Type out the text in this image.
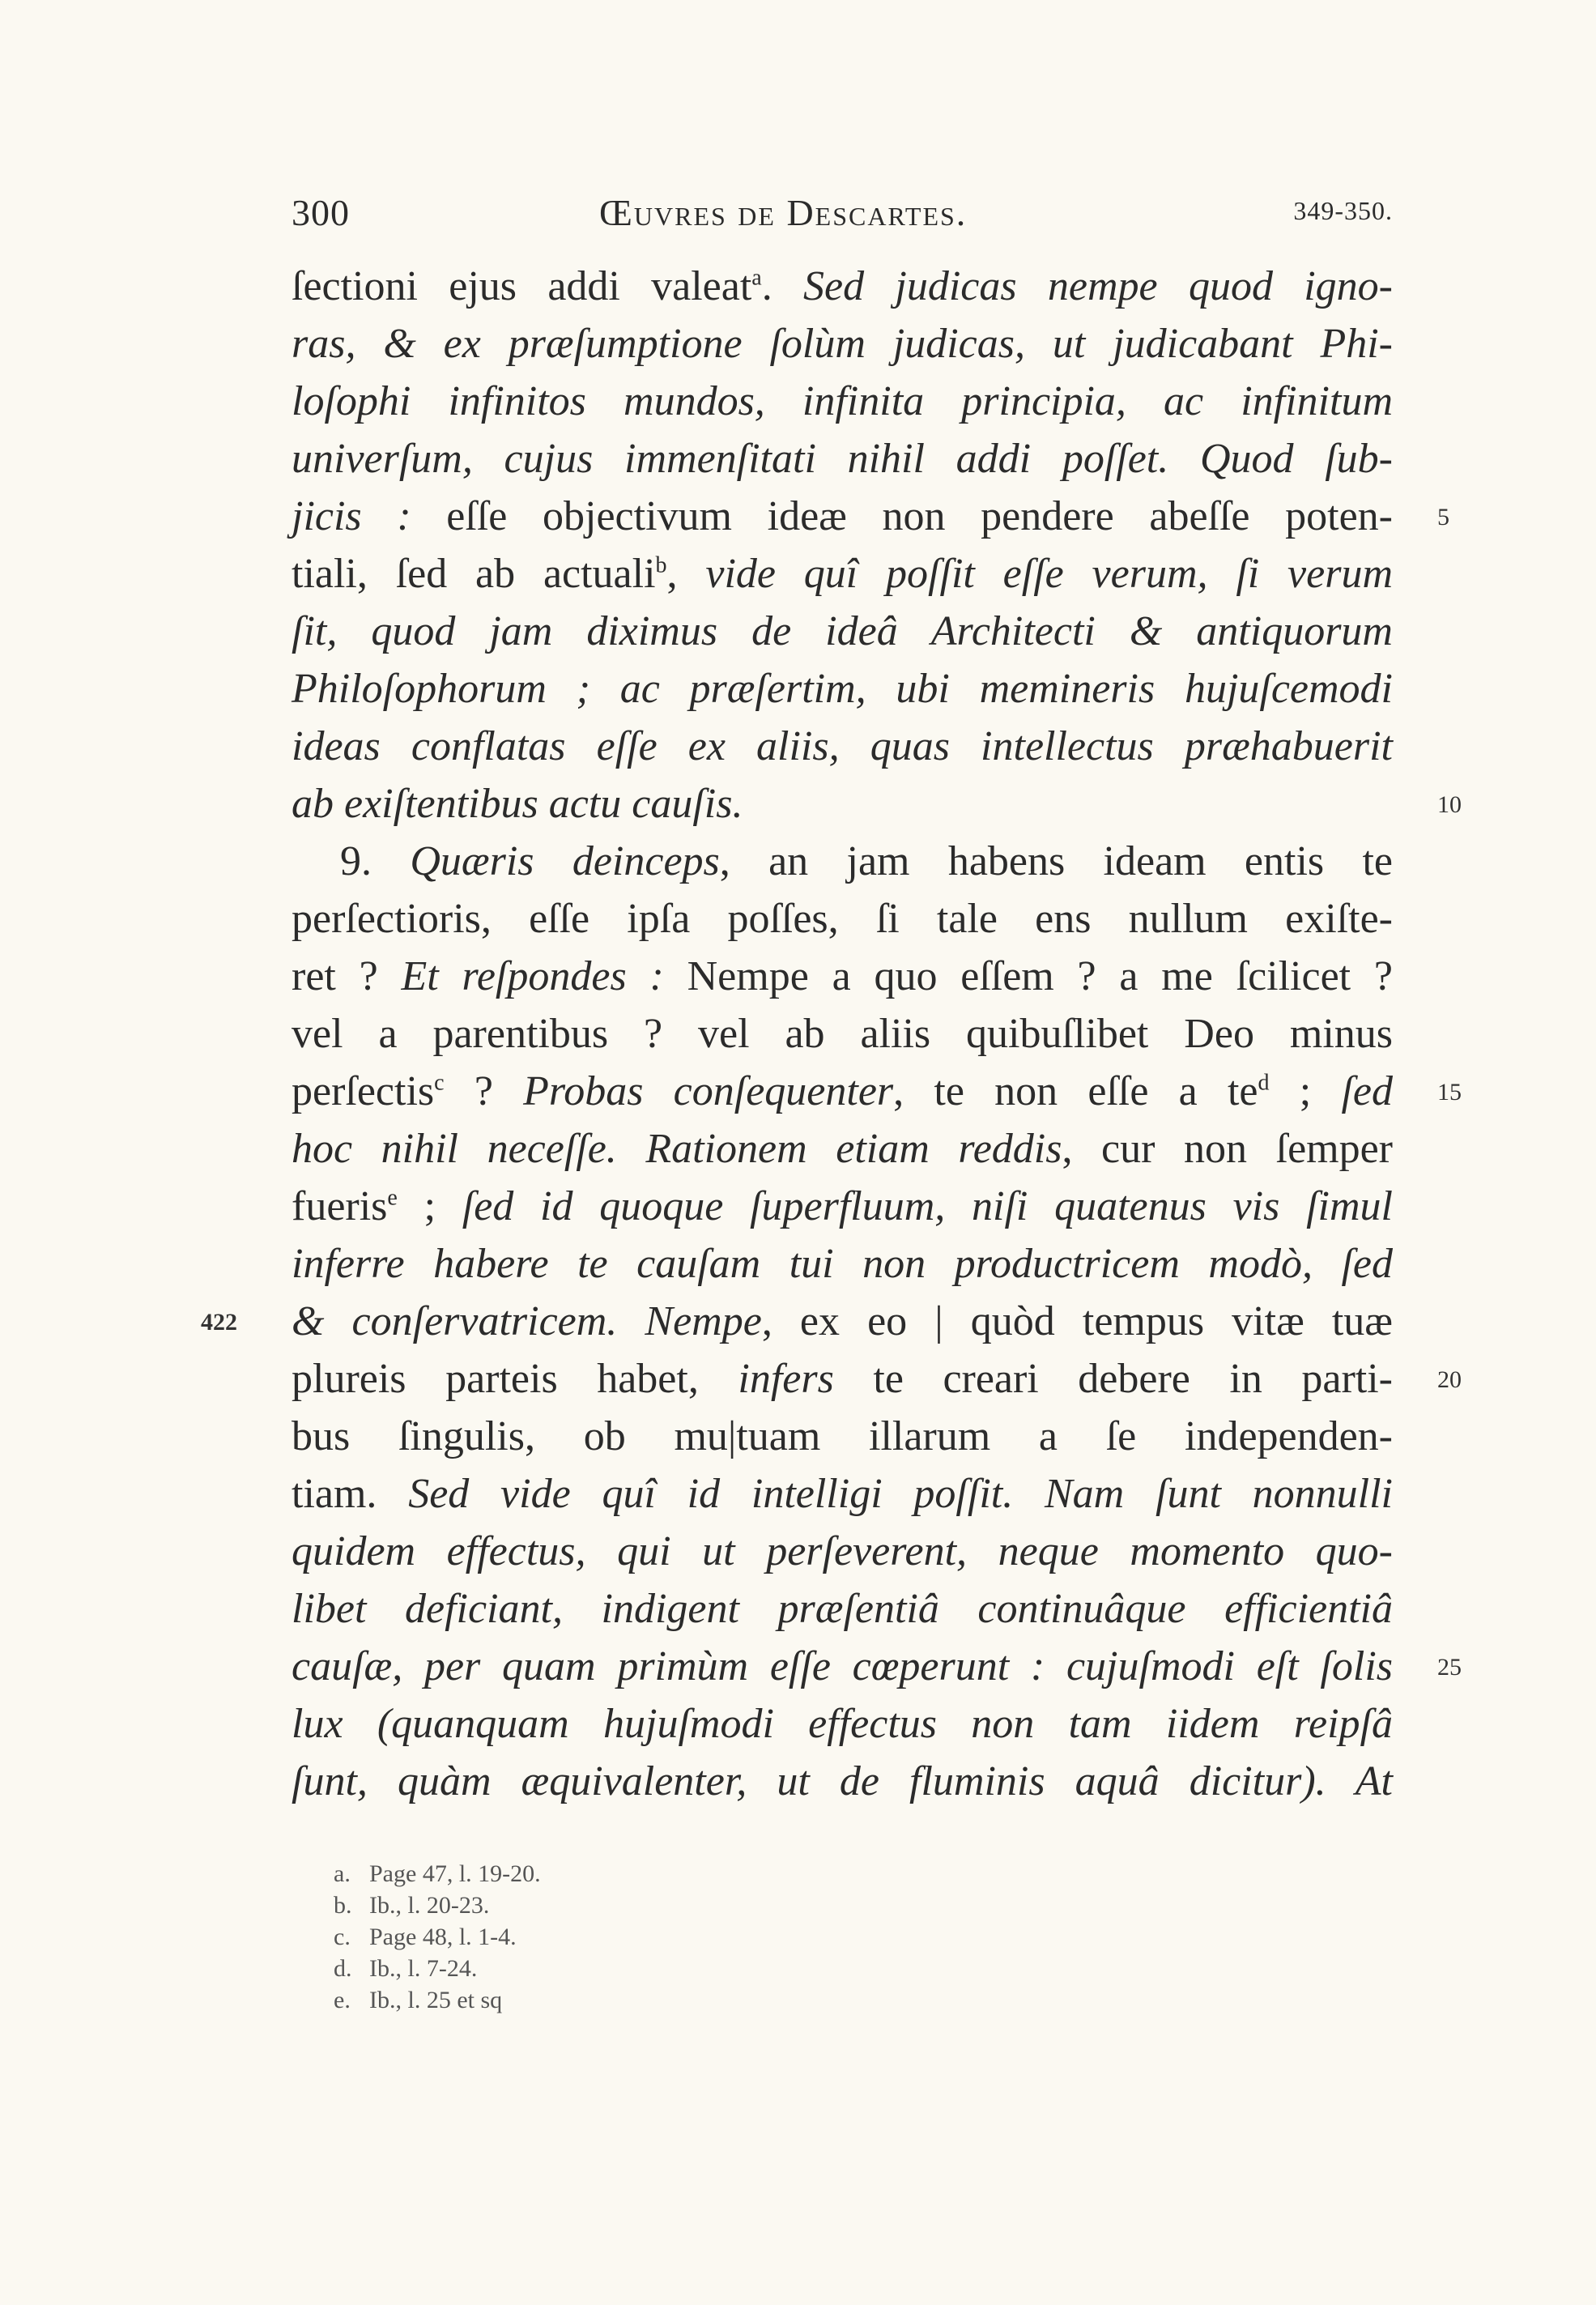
300	Œuvres de Descartes.	349-350.
ſectioni ejus addi valeat$^a$. Sed judicas nempe quod igno-
ras, & ex præſumptione ſolùm judicas, ut judicabant Phi-
loſophi infinitos mundos, infinita principia, ac infinitum
univerſum, cujus immenſitati nihil addi poſſet. Quod ſub-
jicis : eſſe objectivum ideæ non pendere abeſſe poten-
tiali, ſed ab actuali$^b$, vide quî poſſit eſſe verum, ſi verum
ſit, quod jam diximus de ideâ Architecti & antiquorum
Philoſophorum ; ac præſertim, ubi memineris hujuſcemodi
ideas conflatas eſſe ex aliis, quas intellectus præhabuerit
ab exiſtentibus actu cauſis.
9. Quæris deinceps, an jam habens ideam entis te
perſectioris, eſſe ipſa poſſes, ſi tale ens nullum exiſte-
ret ? Et reſpondes : Nempe a quo eſſem ? a me ſcilicet ?
vel a parentibus ? vel ab aliis quibuſlibet Deo minus
perſectis$^c$ ? Probas conſequenter, te non eſſe a $te^d$ ; ſed
hoc nihil neceſſe. Rationem etiam reddis, cur non ſemper
fueris$^e$ ; ſed id quoque ſuperfluum, niſi quatenus vis ſimul
inferre habere te cauſam tui non productricem modò, ſed
& conſervatricem. Nempe, ex eo | quòd tempus vitæ tuæ
plureis parteis habet, infers te creari debere in parti-
bus ſingulis, ob mu|tuam illarum a ſe independen-
tiam. Sed vide quî id intelligi poſſit. Nam ſunt nonnulli
quidem effectus, qui ut perſeverent, neque momento quo-
libet deficiant, indigent præſentiâ continuâque efficientiâ
cauſæ, per quam primùm eſſe cœperunt : cujuſmodi eſt ſolis
lux (quanquam hujuſmodi effectus non tam iidem reipſâ
ſunt, quàm æquivalenter, ut de fluminis aquâ dicitur). At
5
10
15
20
25
422
a. Page 47, l. 19-20.
b. Ib., l. 20-23.
c. Page 48, l. 1-4.
d. Ib., l. 7-24.
e. Ib., l. 25 et sq
